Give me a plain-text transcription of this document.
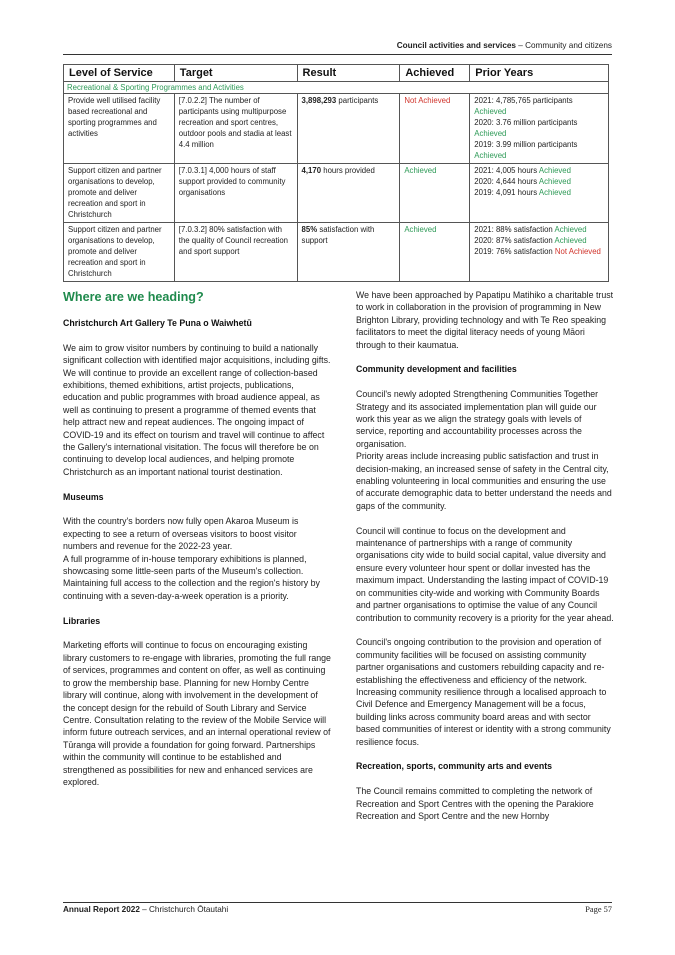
Council activities and services – Community and citizens
Level of Service	Target	Result	Achieved	Prior Years
Recreational & Sporting Programmes and Activities				
Provide well utilised facility based recreational and sporting programmes and activities	[7.0.2.2] The number of participants using multipurpose recreation and sport centres, outdoor pools and stadia at least 4.4 million	3,898,293 participants	Not Achieved	2021: 4,785,765 participants Achieved
2020: 3.76 million participants Achieved
2019: 3.99 million participants Achieved

Support citizen and partner organisations to develop, promote and deliver recreation and sport in Christchurch	[7.0.3.1] 4,000 hours of staff support provided to community organisations	4,170 hours provided	Achieved	2021: 4,005 hours Achieved
2020: 4,644 hours Achieved
2019: 4,091 hours Achieved

Support citizen and partner organisations to develop, promote and deliver recreation and sport in Christchurch	[7.0.3.2] 80% satisfaction with the quality of Council recreation and sport support	85% satisfaction with support	Achieved	2021: 88% satisfaction Achieved
2020: 87% satisfaction Achieved
2019: 76% satisfaction Not Achieved
Where are we heading?
Christchurch Art Gallery Te Puna o Waiwhetū

We aim to grow visitor numbers by continuing to build a nationally significant collection with identified major acquisitions, including gifts. We will continue to provide an excellent range of collection-based exhibitions, themed exhibitions, artist projects, publications, education and public programmes with broad audience appeal, as well as continuing to present a programme of themed events that help attract new and repeat audiences. The ongoing impact of COVID-19 and its effect on tourism and travel will continue to affect the Gallery's international visitation. The focus will therefore be on continuing to develop local audiences, and helping promote Christchurch as an important national tourist destination.

Museums

With the country's borders now fully open Akaroa Museum is expecting to see a return of overseas visitors to boost visitor numbers and revenue for the 2022-23 year.

A full programme of in-house temporary exhibitions is planned, showcasing some little-seen parts of the Museum's collection. Maintaining full access to the collection and the region's history by continuing with a seven-day-a-week operation is a priority.

Libraries

Marketing efforts will continue to focus on encouraging existing library customers to re-engage with libraries, promoting the full range of services, programmes and content on offer, as well as continuing to grow the membership base. Planning for new Hornby Centre library will continue, along with involvement in the development of the concept design for the rebuild of South Library and Service Centre. Consultation relating to the review of the Mobile Service will inform future outreach services, and an internal operational review of Tūranga will provide a foundation for going forward. Partnerships within the community will continue to be established and strengthened as possibilities for new and enhanced services are explored.

We have been approached by Papatipu Matihiko a charitable trust to work in collaboration in the provision of programming in New Brighton Library, providing technology and with Te Reo speaking facilitators to meet the digital literacy needs of young Māori through to their kaumatua.

Community development and facilities

Council's newly adopted Strengthening Communities Together Strategy and its associated implementation plan will guide our work this year as we align the strategy goals with levels of service, reporting and accountability processes across the organisation.

Priority areas include increasing public satisfaction and trust in decision-making, an increased sense of safety in the Central city, enabling volunteering in local communities and ensuring the use of accurate demographic data to better understand the needs and gaps of the community.

Council will continue to focus on the development and maintenance of partnerships with a range of community organisations city wide to build social capital, value diversity and ensure every volunteer hour spent or dollar invested has the maximum impact. Understanding the lasting impact of COVID-19 on communities city-wide and working with Community Boards and partner organisations to optimise the value of any Council contribution to community recovery is a priority for the year ahead.

Council's ongoing contribution to the provision and operation of community facilities will be focused on assisting community partner organisations and customers rebuilding capacity and re-establishing the effectiveness and efficiency of the network.

Increasing community resilience through a localised approach to Civil Defence and Emergency Management will be a focus, building links across community board areas and with sector based communities of interest or identity with a strong community resilience focus.

Recreation, sports, community arts and events

The Council remains committed to completing the network of Recreation and Sport Centres with the opening the Parakiore Recreation and Sport Centre and the new Hornby

Annual Report 2022 – Christchurch Ōtautahi	Page 57
